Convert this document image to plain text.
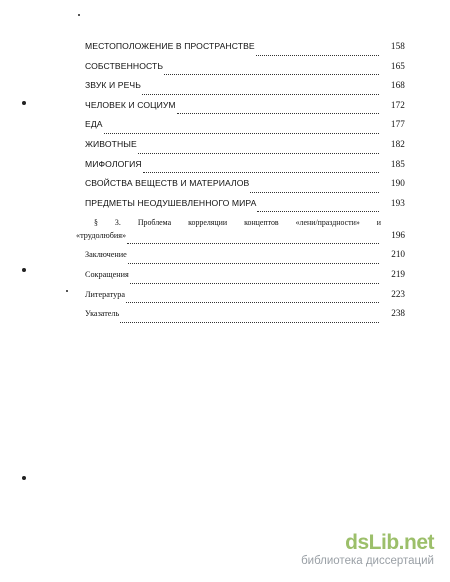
МЕСТОПОЛОЖЕНИЕ В ПРОСТРАНСТВЕ	158
СОБСТВЕННОСТЬ	165
ЗВУК И РЕЧЬ	168
ЧЕЛОВЕК И СОЦИУМ	172
ЕДА	177
ЖИВОТНЫЕ	182
МИФОЛОГИЯ	185
СВОЙСТВА ВЕЩЕСТВ И МАТЕРИАЛОВ	190
ПРЕДМЕТЫ НЕОДУШЕВЛЕННОГО МИРА	193
§ 3. Проблема корреляции концептов «лени/праздности» и
«трудолюбия»	196
Заключение	210
Сокращения	219
Литература	223
Указатель	238
dsLib.net
библиотека диссертаций
